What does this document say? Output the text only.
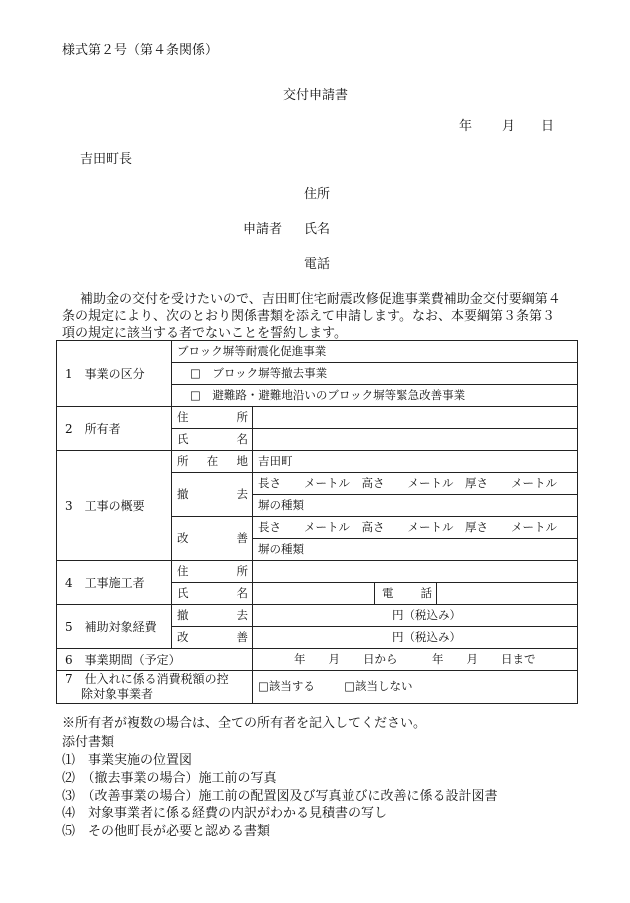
様式第２号（第４条関係）
交付申請書
年 月 日
吉田町長
住所
申請者 氏名
電話
補助金の交付を受けたいので、吉田町住宅耐震改修促進事業費補助金交付要綱第４
条の規定により、次のとおり関係書類を添えて申請します。なお、本要綱第３条第３
項の規定に該当する者でないことを誓約します。
1　事業の区分	ブロック塀等耐震化促進事業			
	□　ブロック塀等撤去事業			
	□　避難路・避難地沿いのブロック塀等緊急改善事業			
2　所有者	住 所			

	氏 名			

3　工事の概要	所 在 地	吉田町		

	撤 去	長さ　　メートル　高さ　　メートル　厚さ　　メートル		
		塀の種類		

	改 善	長さ　　メートル　高さ　　メートル　厚さ　　メートル		
		塀の種類		
4　工事施工者	住 所			

	氏 名		電 話	

5　補助対象経費	撤 去	円（税込み）		

	改 善	円（税込み）		
6　事業期間（予定）		年　　月　　日から　　　年　　月　　日まで		

7　仕入れに係る消費税額の控
除対象事業者		□該当する □該当しない		
※所有者が複数の場合は、全ての所有者を記入してください。
添付書類
⑴　事業実施の位置図
⑵　（撤去事業の場合）施工前の写真
⑶　（改善事業の場合）施工前の配置図及び写真並びに改善に係る設計図書
⑷　対象事業者に係る経費の内訳がわかる見積書の写し
⑸　その他町長が必要と認める書類
